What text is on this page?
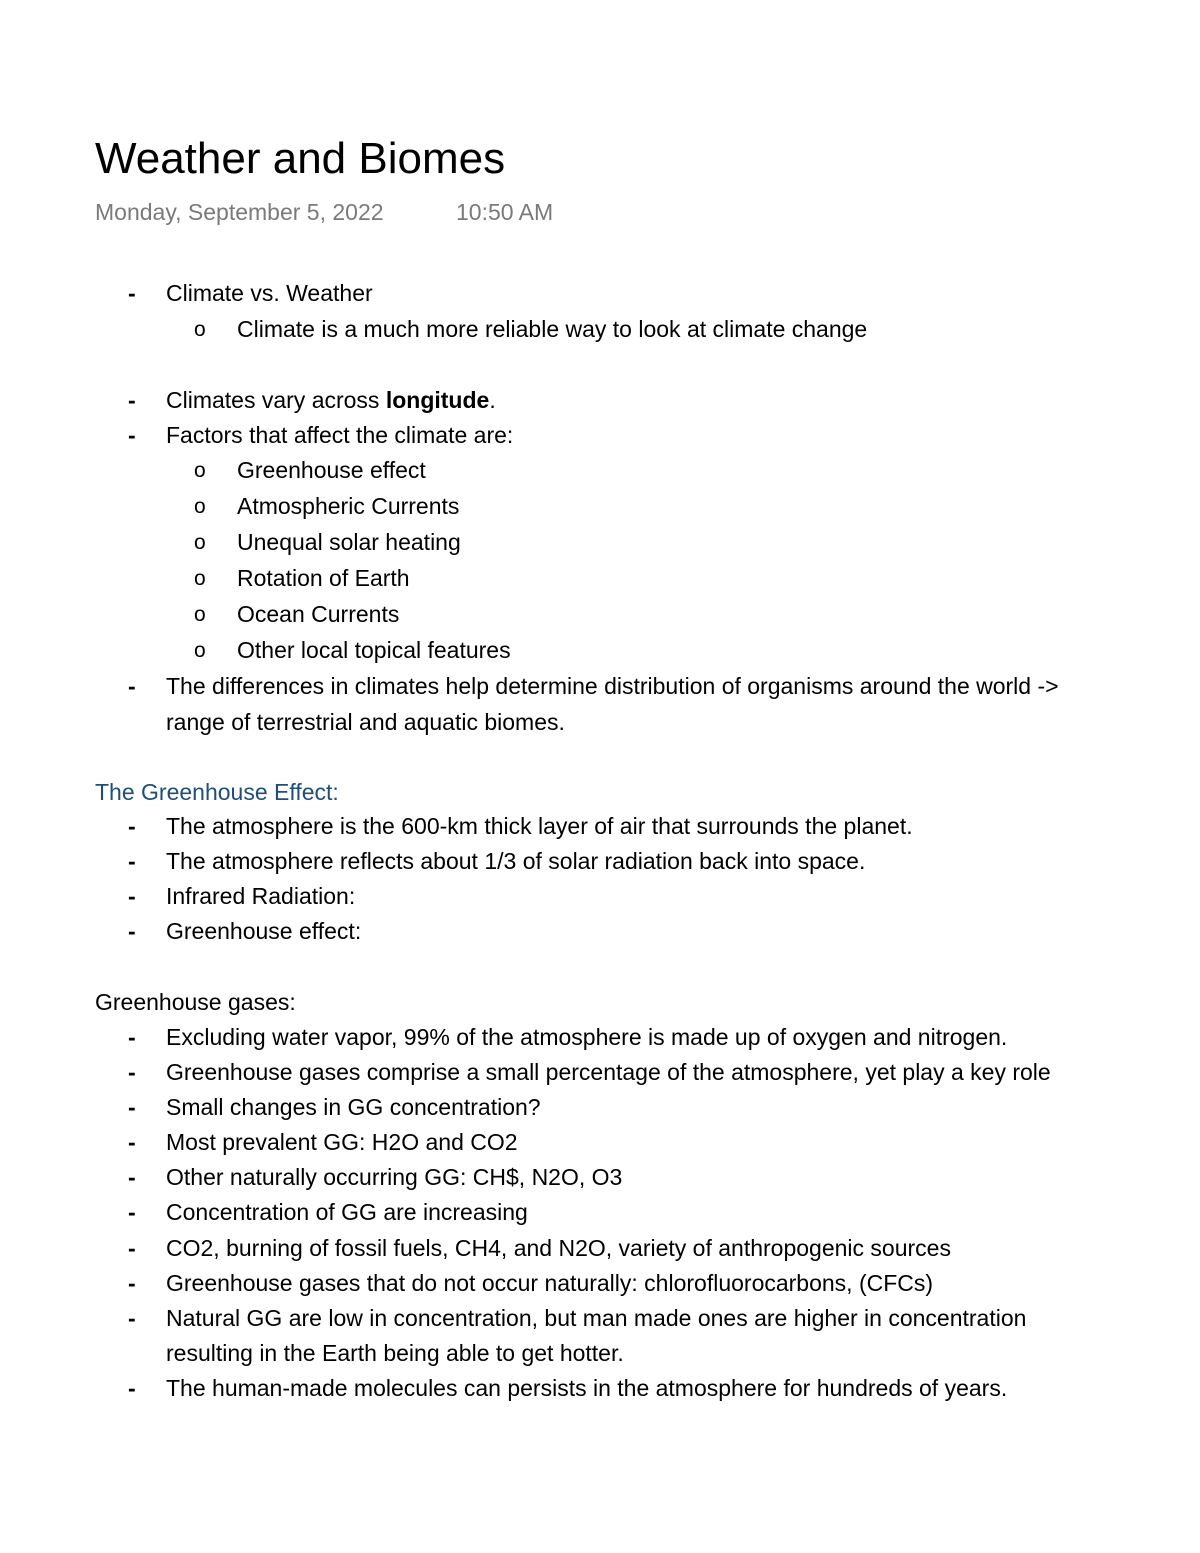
Weather and Biomes
Monday, September 5, 2022	10:50 AM
- Climate vs. Weather
o Climate is a much more reliable way to look at climate change
- Climates vary across longitude.
- Factors that affect the climate are:
o Greenhouse effect
o Atmospheric Currents
o Unequal solar heating
o Rotation of Earth
o Ocean Currents
o Other local topical features
- The differences in climates help determine distribution of organisms around the world ->
range of terrestrial and aquatic biomes.
The Greenhouse Effect:
- The atmosphere is the 600-km thick layer of air that surrounds the planet.
- The atmosphere reflects about 1/3 of solar radiation back into space.
- Infrared Radiation:
- Greenhouse effect:
Greenhouse gases:
- Excluding water vapor, 99% of the atmosphere is made up of oxygen and nitrogen.
- Greenhouse gases comprise a small percentage of the atmosphere, yet play a key role
- Small changes in GG concentration?
- Most prevalent GG: H2O and CO2
- Other naturally occurring GG: CH$, N2O, O3
- Concentration of GG are increasing
- CO2, burning of fossil fuels, CH4, and N2O, variety of anthropogenic sources
- Greenhouse gases that do not occur naturally: chlorofluorocarbons, (CFCs)
- Natural GG are low in concentration, but man made ones are higher in concentration
resulting in the Earth being able to get hotter.
- The human-made molecules can persists in the atmosphere for hundreds of years.
